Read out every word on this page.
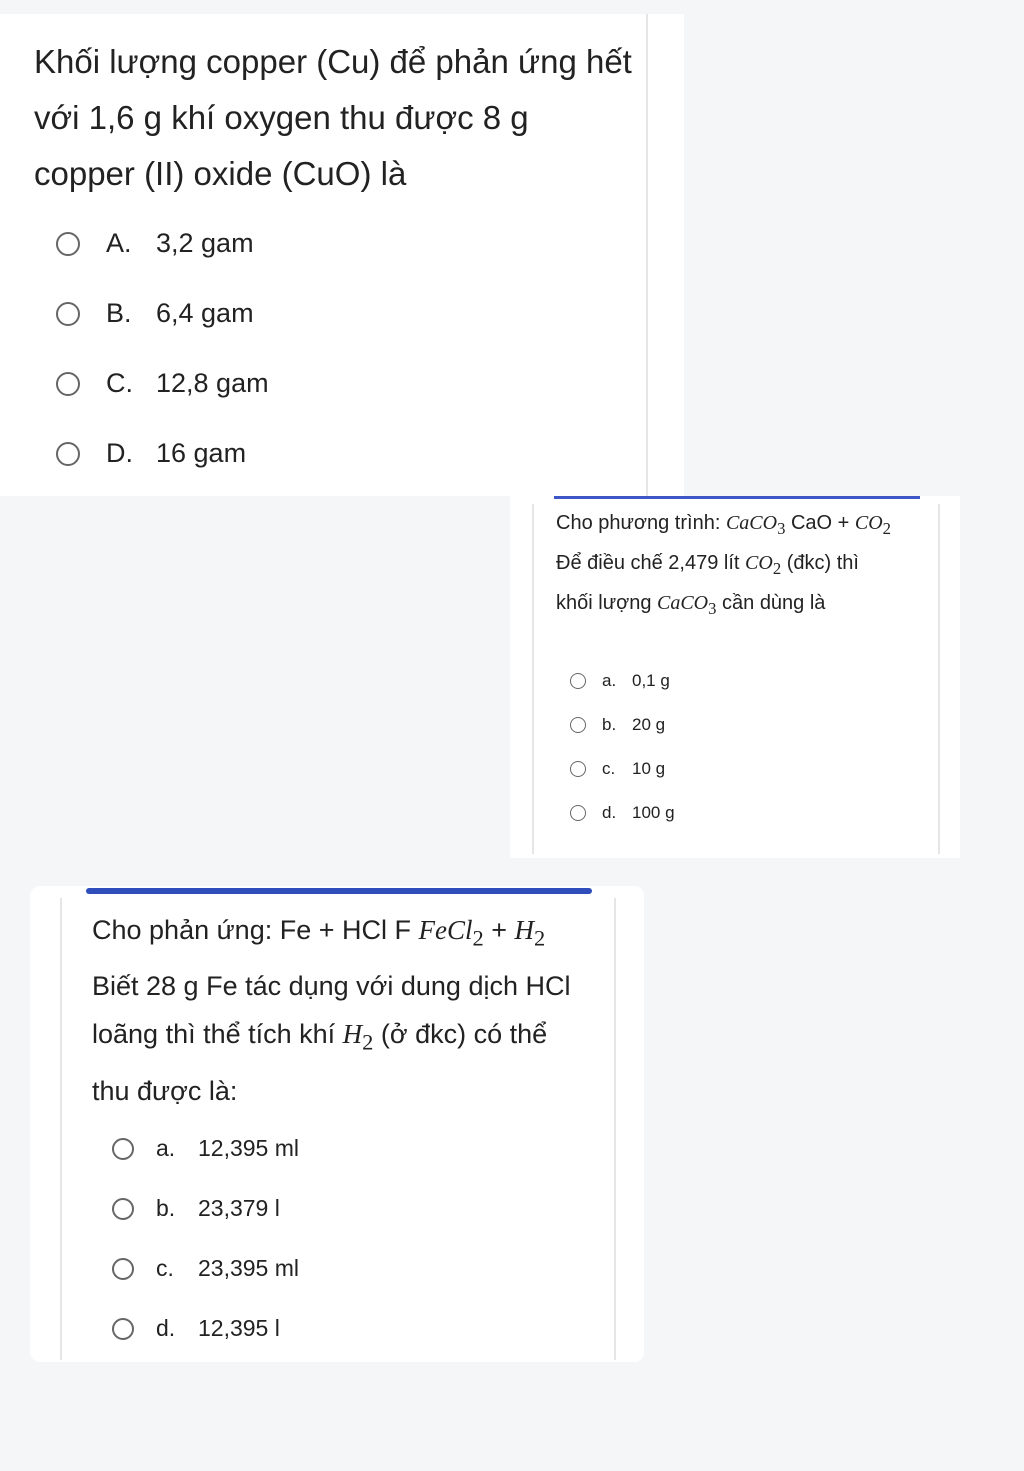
Khối lượng copper (Cu) để phản ứng hết với 1,6 g khí oxygen thu được 8 g copper (II) oxide (CuO) là
A. 3,2 gam
B. 6,4 gam
C. 12,8 gam
D. 16 gam
Cho phương trình: CaCO$_3$ CaO + $CO_2$ Để điều chế 2,479 lít $CO_2$ (đkc) thì khối lượng CaCO$_3$ cần dùng là
a. 0,1 g
b. 20 g
c. 10 g
d. 100 g
Cho phản ứng: Fe + HCl F FeCl$_2$ + $H_2$ Biết 28 g Fe tác dụng với dung dịch HCl loãng thì thể tích khí $H_2$ (ở đkc) có thể thu được là:
a. 12,395 ml
b. 23,379 l
c.	23,395 ml
d. 12,395 l
